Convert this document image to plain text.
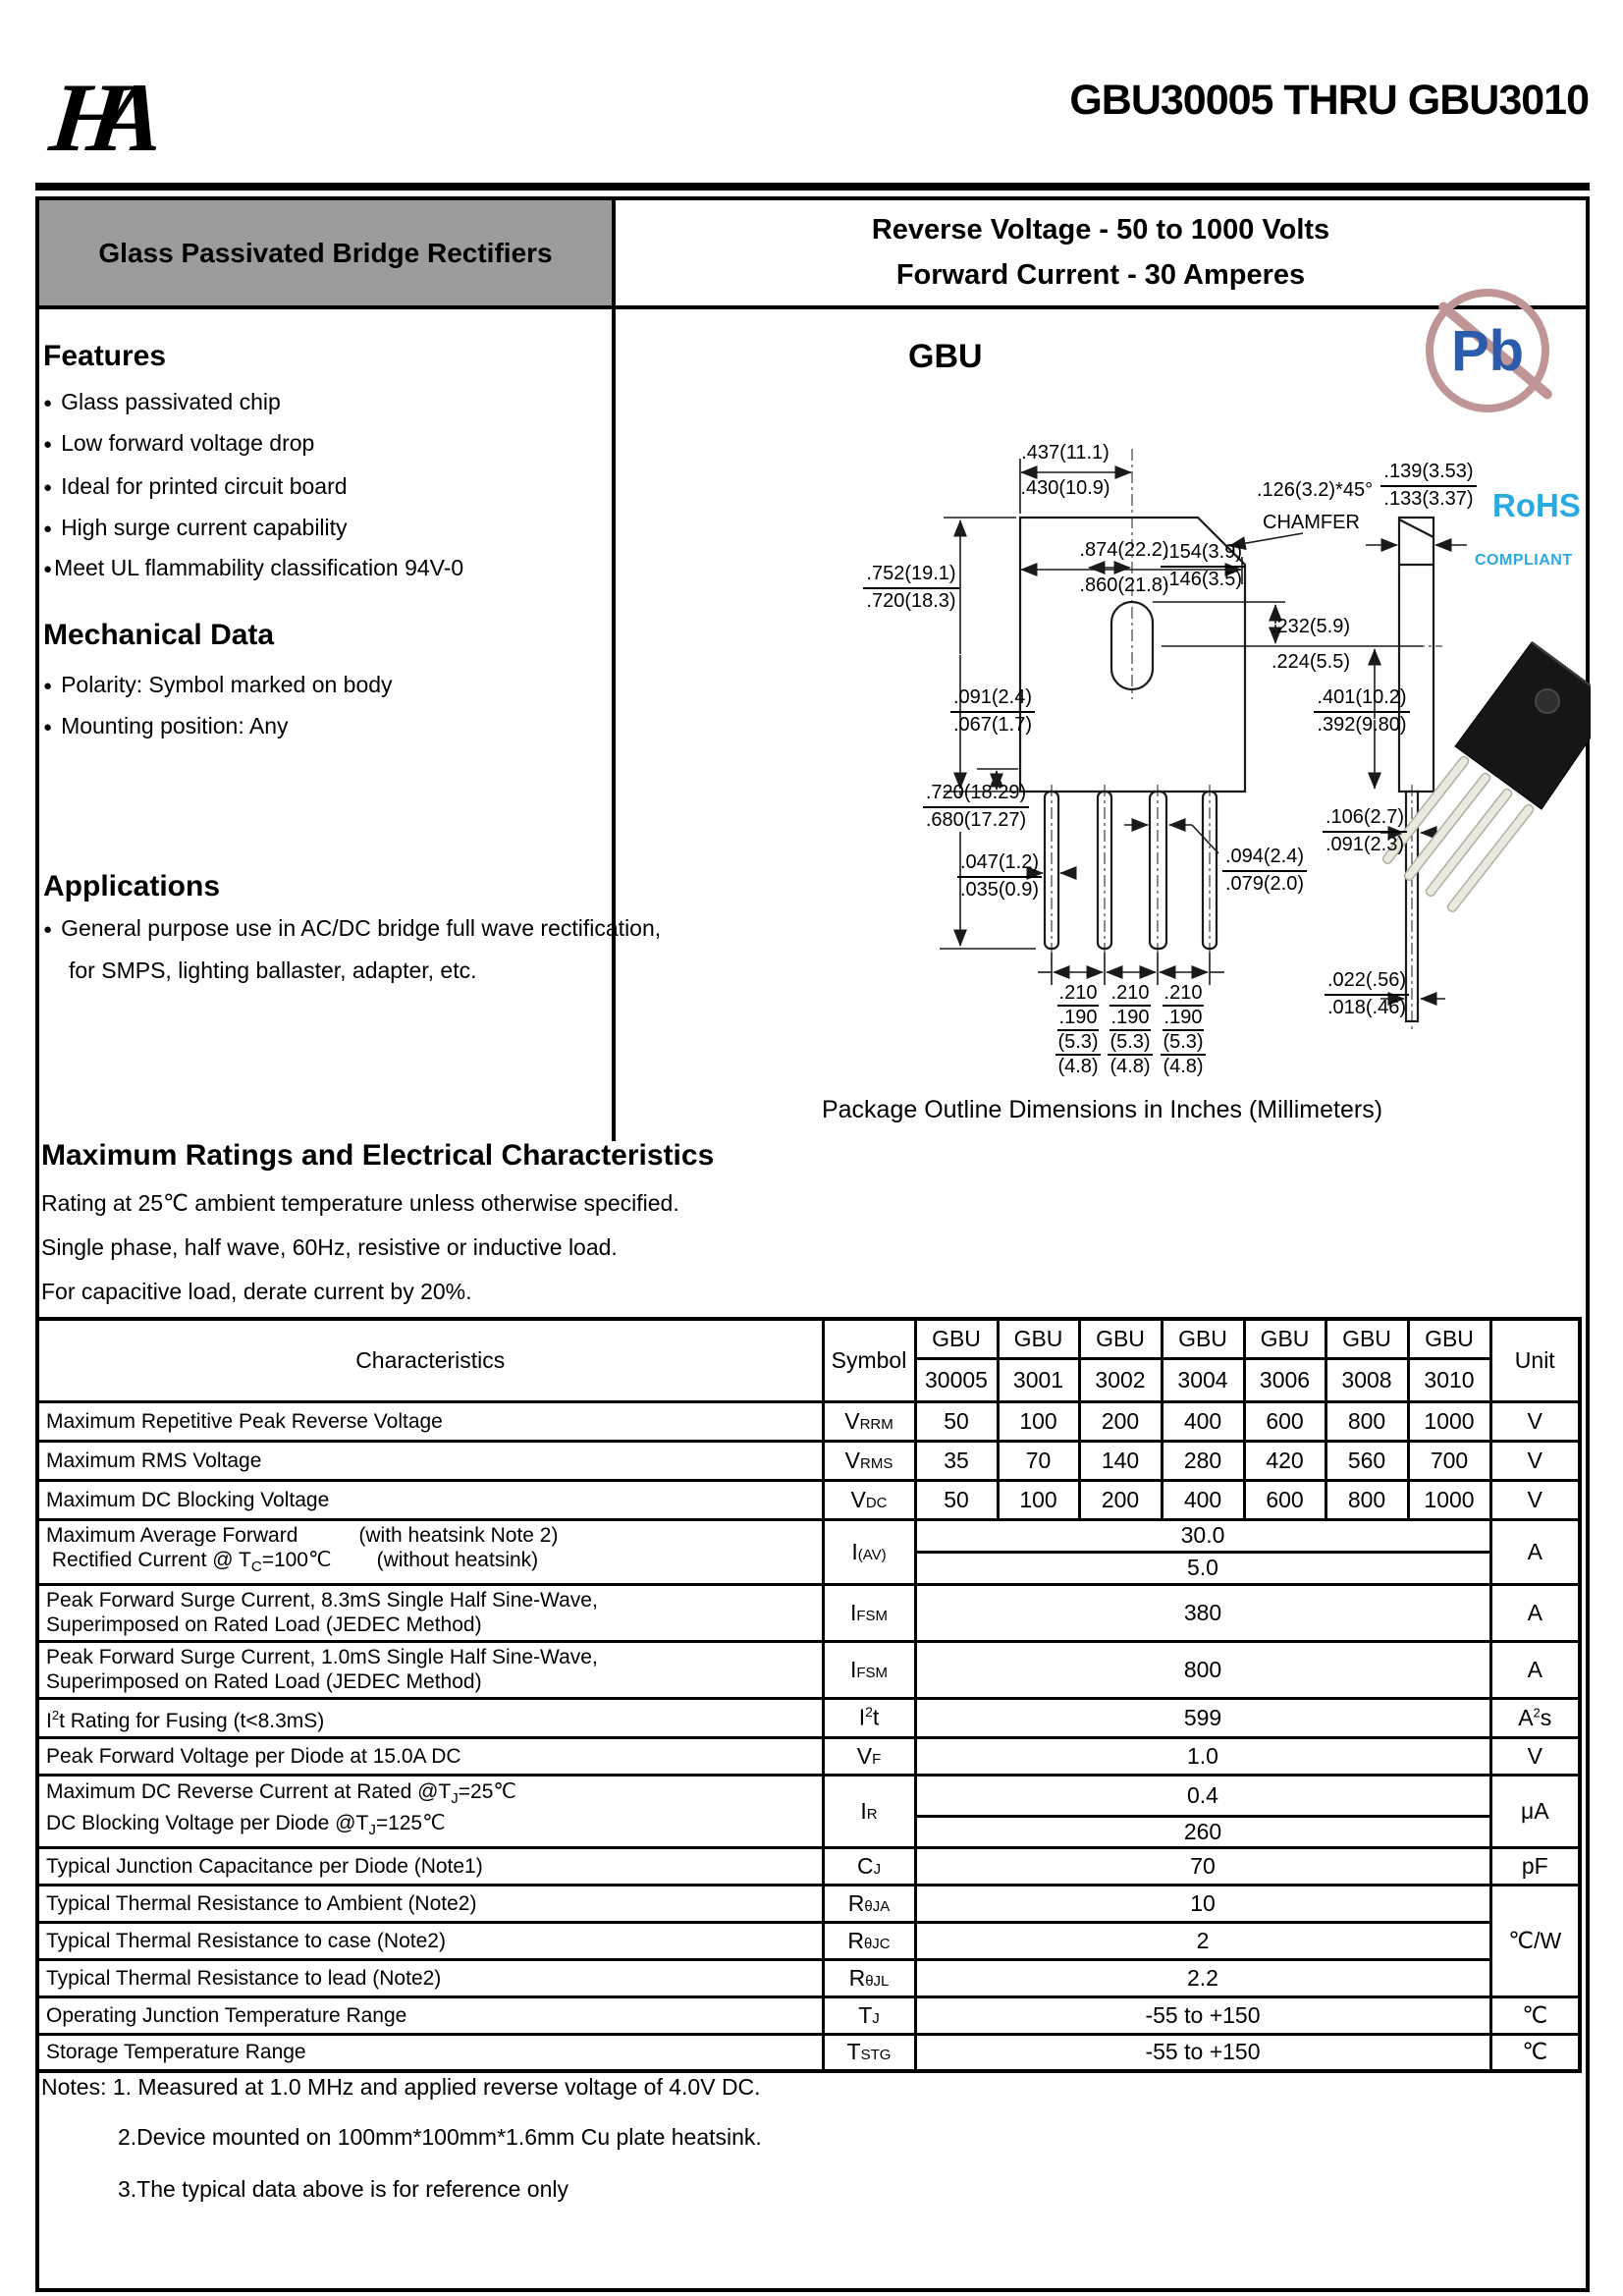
HA	GBU30005 THRU GBU3010
Glass Passivated Bridge Rectifiers
Reverse Voltage - 50 to 1000 Volts
Forward Current - 30 Amperes
Features
● Glass passivated chip
● Low forward voltage drop
● Ideal for printed circuit board
● High surge current capability
●Meet UL flammability classification 94V-0
Mechanical Data
● Polarity: Symbol marked on body
● Mounting position: Any
Applications
● General purpose use in AC/DC bridge full wave rectification,
for SMPS, lighting ballaster, adapter, etc.
GBU	Pb
RoHS
COMPLIANT
.437(11.1)
.430(10.9)
.874(22.2)
.860(21.8)
.126(3.2)*45°
CHAMFER
.139(3.53)
.133(3.37)
.752(19.1)
.720(18.3)
.154(3.9)
.146(3.5)
.232(5.9)
.224(5.5)
.091(2.4)
.067(1.7)
.401(10.2)
.392(9.80)
.720(18.29)
.680(17.27)
.047(1.2)
.035(0.9)
.094(2.4)
.079(2.0)
.106(2.7)
.091(2.3)
.022(.56)
.018(.46)
.210
.190
(5.3)
(4.8)
.210
.190
(5.3)
(4.8)
.210
.190
(5.3)
(4.8)
Package Outline Dimensions in Inches (Millimeters)
Maximum Ratings and Electrical Characteristics
Rating at 25℃ ambient temperature unless otherwise specified.
Single phase, half wave, 60Hz, resistive or inductive load.
For capacitive load, derate current by 20%.
Characteristics	Symbol	GBU	GBU	GBU	GBU	GBU	GBU	GBU	Unit
		30005	3001	3002	3004	3006	3008	3010	
Maximum Repetitive Peak Reverse Voltage	VRRM	50	100	200	400	600	800	1000	V
Maximum RMS Voltage	VRMS	35	70	140	280	420	560	700	V
Maximum DC Blocking Voltage	VDC	50	100	200	400	600	800	1000	V

Maximum Average Forward (with heatsink Note 2)
Rectified Current @ $T_C=100℃$ (without heatsink)	I(AV)	30.0							A
		5.0							

Peak Forward Surge Current, 8.3mS Single Half Sine-Wave,
Superimposed on Rated Load (JEDEC Method)	IFSM	380							A

Peak Forward Surge Current, 1.0mS Single Half Sine-Wave,
Superimposed on Rated Load (JEDEC Method)	IFSM	800							A
$I^2t$ Rating for Fusing (t<8.3mS)	$I^2t$	599							$A^2s$
Peak Forward Voltage per Diode at 15.0A DC	VF	1.0							V

Maximum DC Reverse Current at Rated $@T_J=25℃$
DC Blocking Voltage per Diode $@T_J=125℃$	IR	0.4							μA
		260							
Typical Junction Capacitance per Diode (Note1)	CJ	70							pF
Typical Thermal Resistance to Ambient (Note2)	RθJA	10							℃/W
Typical Thermal Resistance to case (Note2)	RθJC	2							
Typical Thermal Resistance to lead (Note2)	RθJL	2.2							
Operating Junction Temperature Range	TJ	-55 to +150							℃
Storage Temperature Range	TSTG	-55 to +150							℃
Notes: 1. Measured at 1.0 MHz and applied reverse voltage of 4.0V DC.
2.Device mounted on 100mm*100mm*1.6mm Cu plate heatsink.
3.The typical data above is for reference only
